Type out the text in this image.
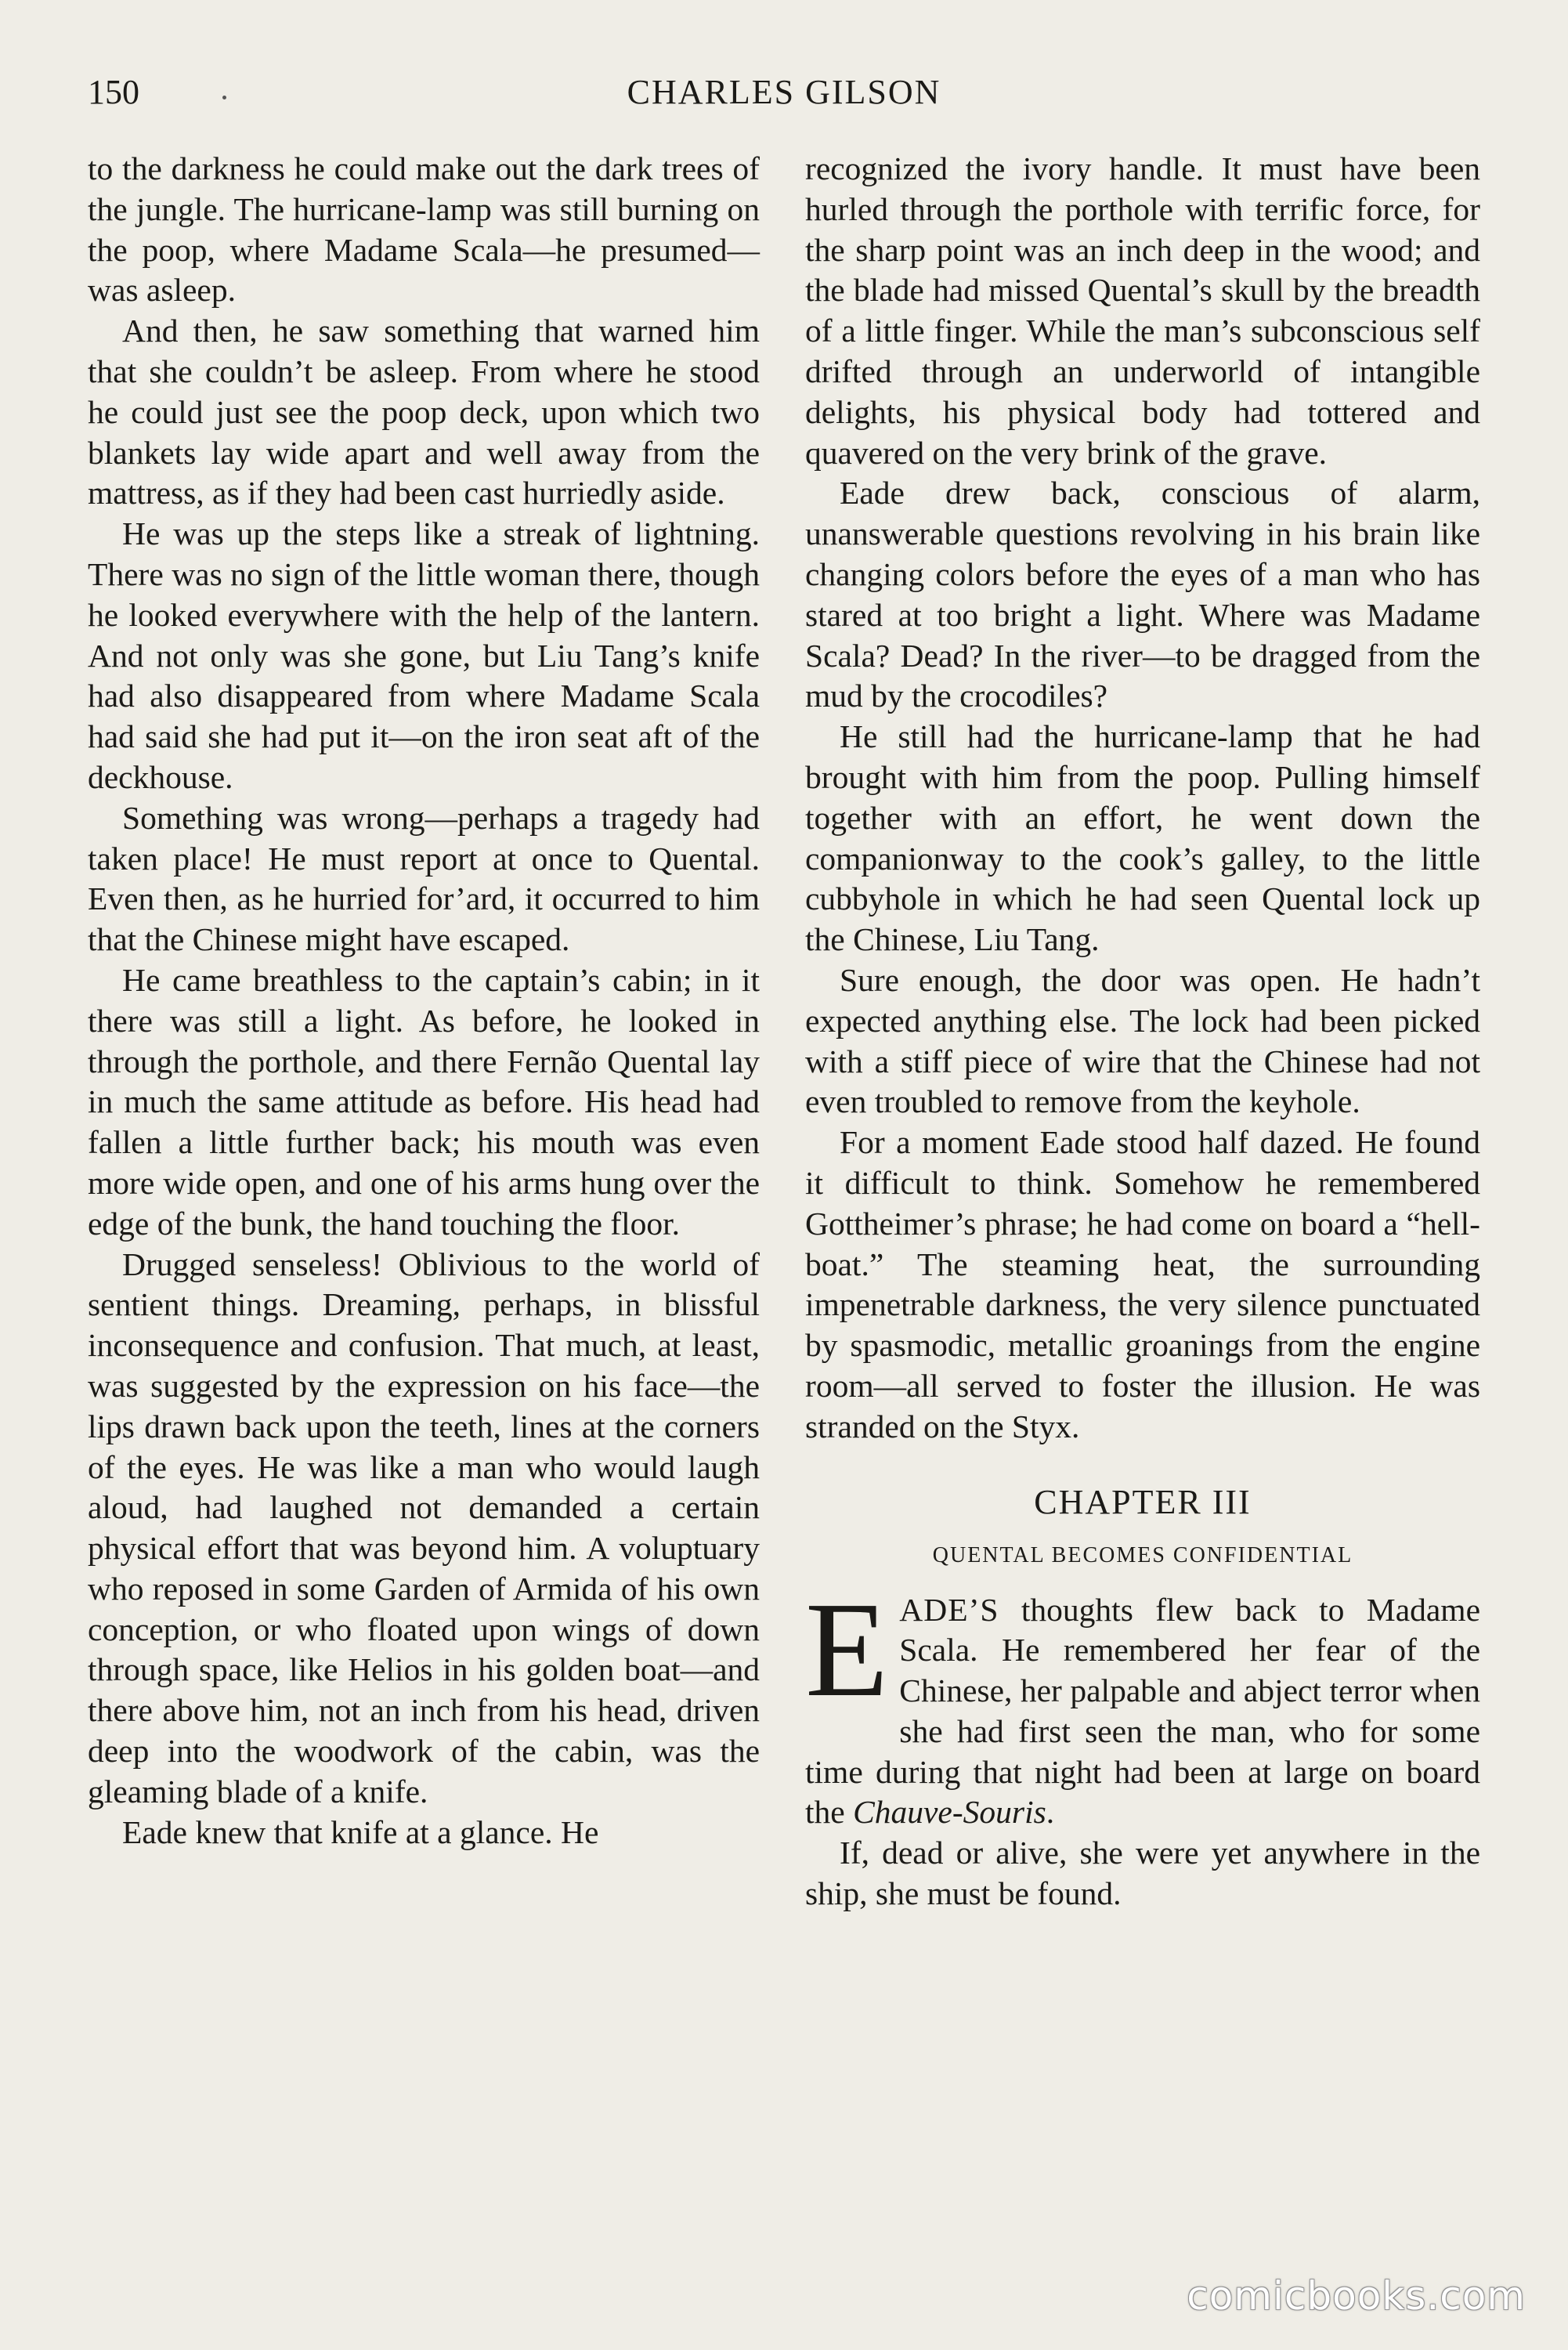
150	CHARLES GILSON

to the darkness he could make out the dark trees of the jungle. The hurricane-lamp was still burning on the poop, where Madame Scala—he presumed—was asleep.

And then, he saw something that warned him that she couldn’t be asleep. From where he stood he could just see the poop deck, upon which two blankets lay wide apart and well away from the mattress, as if they had been cast hurriedly aside.

He was up the steps like a streak of lightning. There was no sign of the little woman there, though he looked everywhere with the help of the lantern. And not only was she gone, but Liu Tang’s knife had also disappeared from where Madame Scala had said she had put it—on the iron seat aft of the deckhouse.

Something was wrong—perhaps a tragedy had taken place! He must report at once to Quental. Even then, as he hurried for’ard, it occurred to him that the Chinese might have escaped.

He came breathless to the captain’s cabin; in it there was still a light. As before, he looked in through the porthole, and there Fernão Quental lay in much the same attitude as before. His head had fallen a little further back; his mouth was even more wide open, and one of his arms hung over the edge of the bunk, the hand touching the floor.

Drugged senseless! Oblivious to the world of sentient things. Dreaming, perhaps, in blissful inconsequence and confusion. That much, at least, was suggested by the expression on his face—the lips drawn back upon the teeth, lines at the corners of the eyes. He was like a man who would laugh aloud, had laughed not demanded a certain physical effort that was beyond him. A voluptuary who reposed in some Garden of Armida of his own conception, or who floated upon wings of down through space, like Helios in his golden boat—and there above him, not an inch from his head, driven deep into the woodwork of the cabin, was the gleaming blade of a knife.

Eade knew that knife at a glance. He

recognized the ivory handle. It must have been hurled through the porthole with terrific force, for the sharp point was an inch deep in the wood; and the blade had missed Quental’s skull by the breadth of a little finger. While the man’s subconscious self drifted through an underworld of intangible delights, his physical body had tottered and quavered on the very brink of the grave.

Eade drew back, conscious of alarm, unanswerable questions revolving in his brain like changing colors before the eyes of a man who has stared at too bright a light. Where was Madame Scala? Dead? In the river—to be dragged from the mud by the crocodiles?

He still had the hurricane-lamp that he had brought with him from the poop. Pulling himself together with an effort, he went down the companionway to the cook’s galley, to the little cubbyhole in which he had seen Quental lock up the Chinese, Liu Tang.

Sure enough, the door was open. He hadn’t expected anything else. The lock had been picked with a stiff piece of wire that the Chinese had not even troubled to remove from the keyhole.

For a moment Eade stood half dazed. He found it difficult to think. Somehow he remembered Gottheimer’s phrase; he had come on board a “hell-boat.” The steaming heat, the surrounding impenetrable darkness, the very silence punctuated by spasmodic, metallic groanings from the engine room—all served to foster the illusion. He was stranded on the Styx.

CHAPTER III
QUENTAL BECOMES CONFIDENTIAL

EADE’S thoughts flew back to Madame Scala. He remembered her fear of the Chinese, her palpable and abject terror when she had first seen the man, who for some time during that night had been at large on board the Chauve-Souris.

If, dead or alive, she were yet anywhere in the ship, she must be found.

comicbooks.com
